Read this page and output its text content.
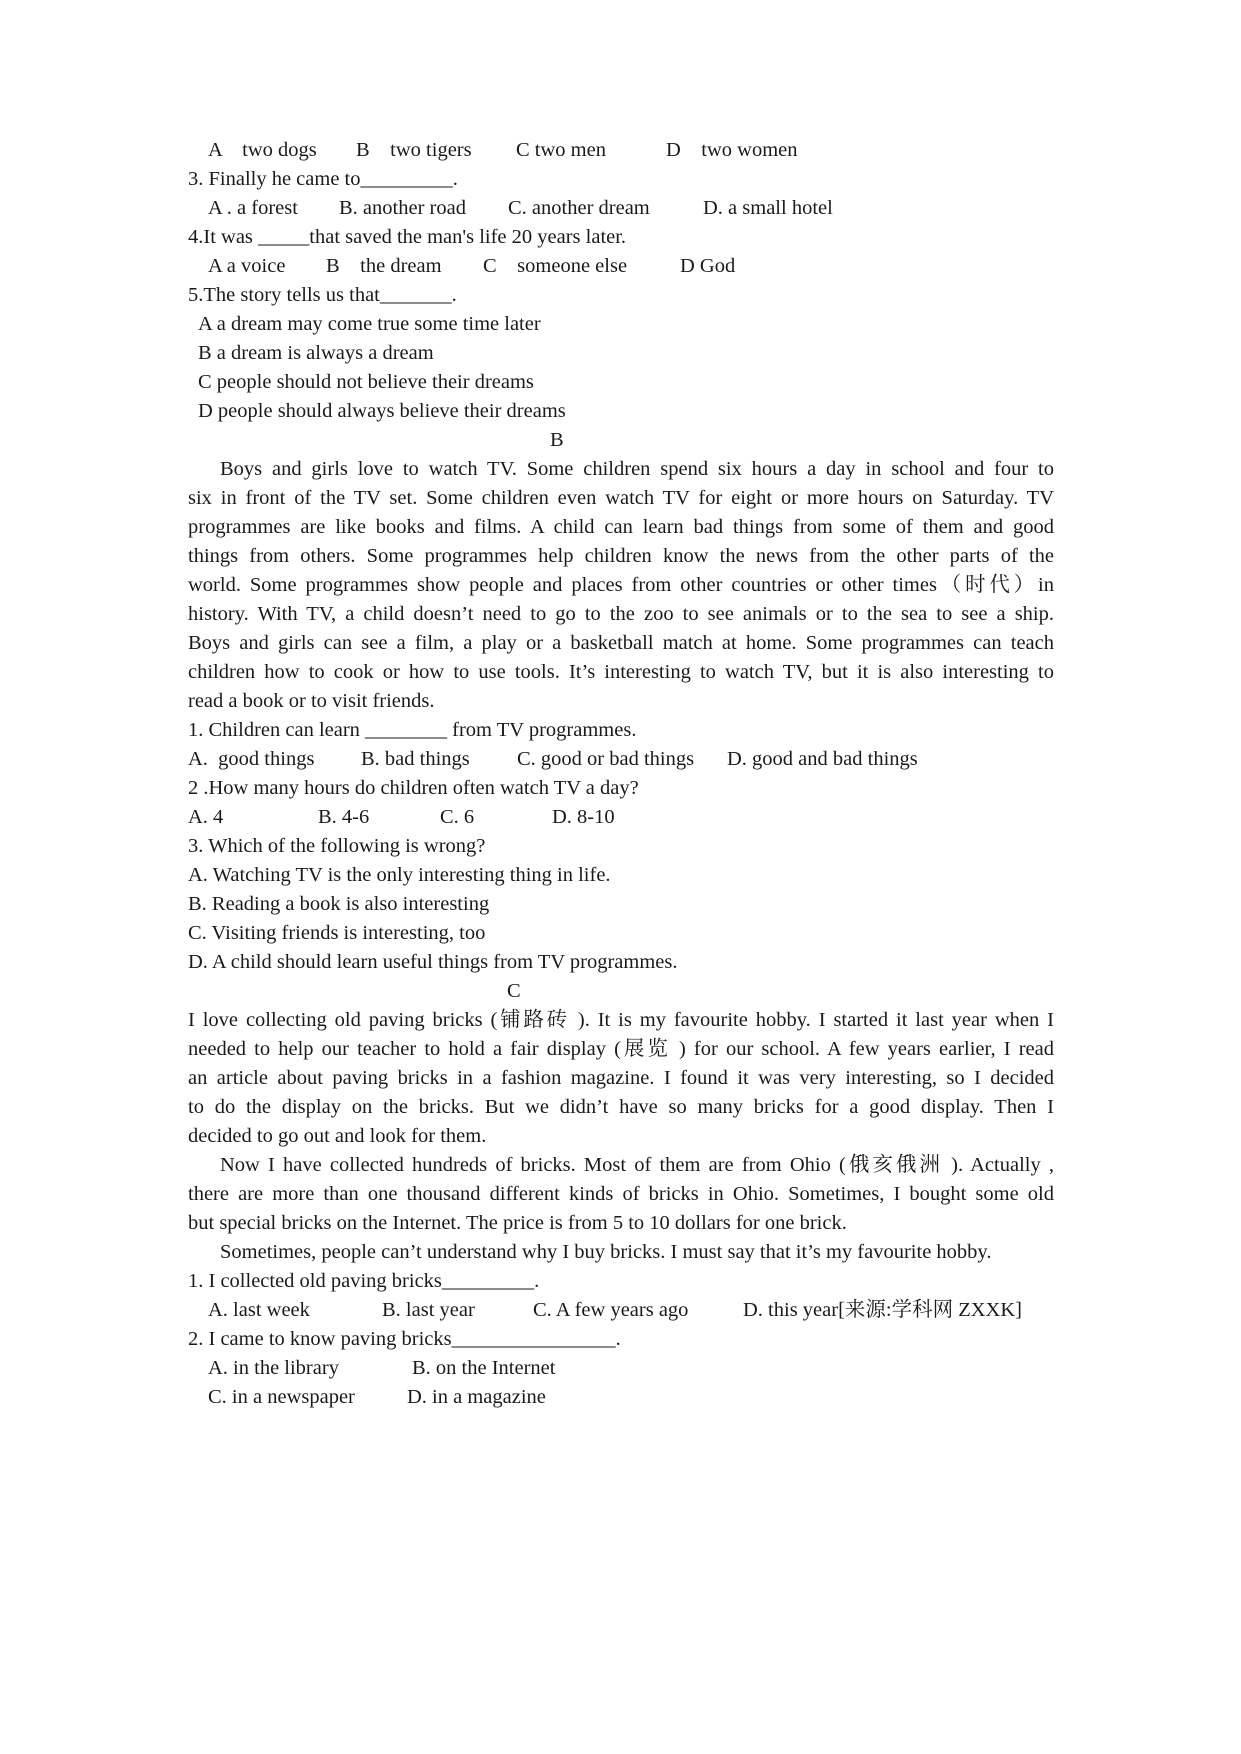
A    two dogs B    two tigers C two men	D    two women
3. Finally he came to_________.
A . a forest B. another road C. another dream	D. a small hotel
4.It was _____that saved the man's life 20 years later.
A a voice B    the dream C    someone else	D God
5.The story tells us that_______.
A a dream may come true some time later
B a dream is always a dream
C people should not believe their dreams
D people should always believe their dreams
B
Boys and girls love to watch TV. Some children spend six hours a day in school and four to
six in front of the TV set. Some children even watch TV for eight or more hours on Saturday. TV
programmes are like books and films. A child can learn bad things from some of them and good
things from others. Some programmes help children know the news from the other parts of the
world. Some programmes show people and places from other countries or other times（时代）in
history. With TV, a child doesn’t need to go to the zoo to see animals or to the sea to see a ship.
Boys and girls can see a film, a play or a basketball match at home. Some programmes can teach
children how to cook or how to use tools. It’s interesting to watch TV, but it is also interesting to
read a book or to visit friends.
1. Children can learn ________ from TV programmes.
A.  good things B. bad things C. good or bad things D. good and bad things
2 .How many hours do children often watch TV a day?
A. 4	B. 4-6	C. 6	D. 8-10
3. Which of the following is wrong?
A. Watching TV is the only interesting thing in life.
B. Reading a book is also interesting
C. Visiting friends is interesting, too
D. A child should learn useful things from TV programmes.
C
I love collecting old paving bricks (铺路砖 ). It is my favourite hobby. I started it last year when I
needed to help our teacher to hold a fair display (展览 ) for our school. A few years earlier, I read
an article about paving bricks in a fashion magazine. I found it was very interesting, so I decided
to do the display on the bricks. But we didn’t have so many bricks for a good display. Then I
decided to go out and look for them.
Now I have collected hundreds of bricks. Most of them are from Ohio (俄亥俄洲 ). Actually ,
there are more than one thousand different kinds of bricks in Ohio. Sometimes, I bought some old
but special bricks on the Internet. The price is from 5 to 10 dollars for one brick.
Sometimes, people can’t understand why I buy bricks. I must say that it’s my favourite hobby.
1. I collected old paving bricks_________.
A. last week	B. last year	C. A few years ago	D. this year[来源:学科网 ZXXK]
2. I came to know paving bricks________________.
A. in the library	B. on the Internet
C. in a newspaper	D. in a magazine
